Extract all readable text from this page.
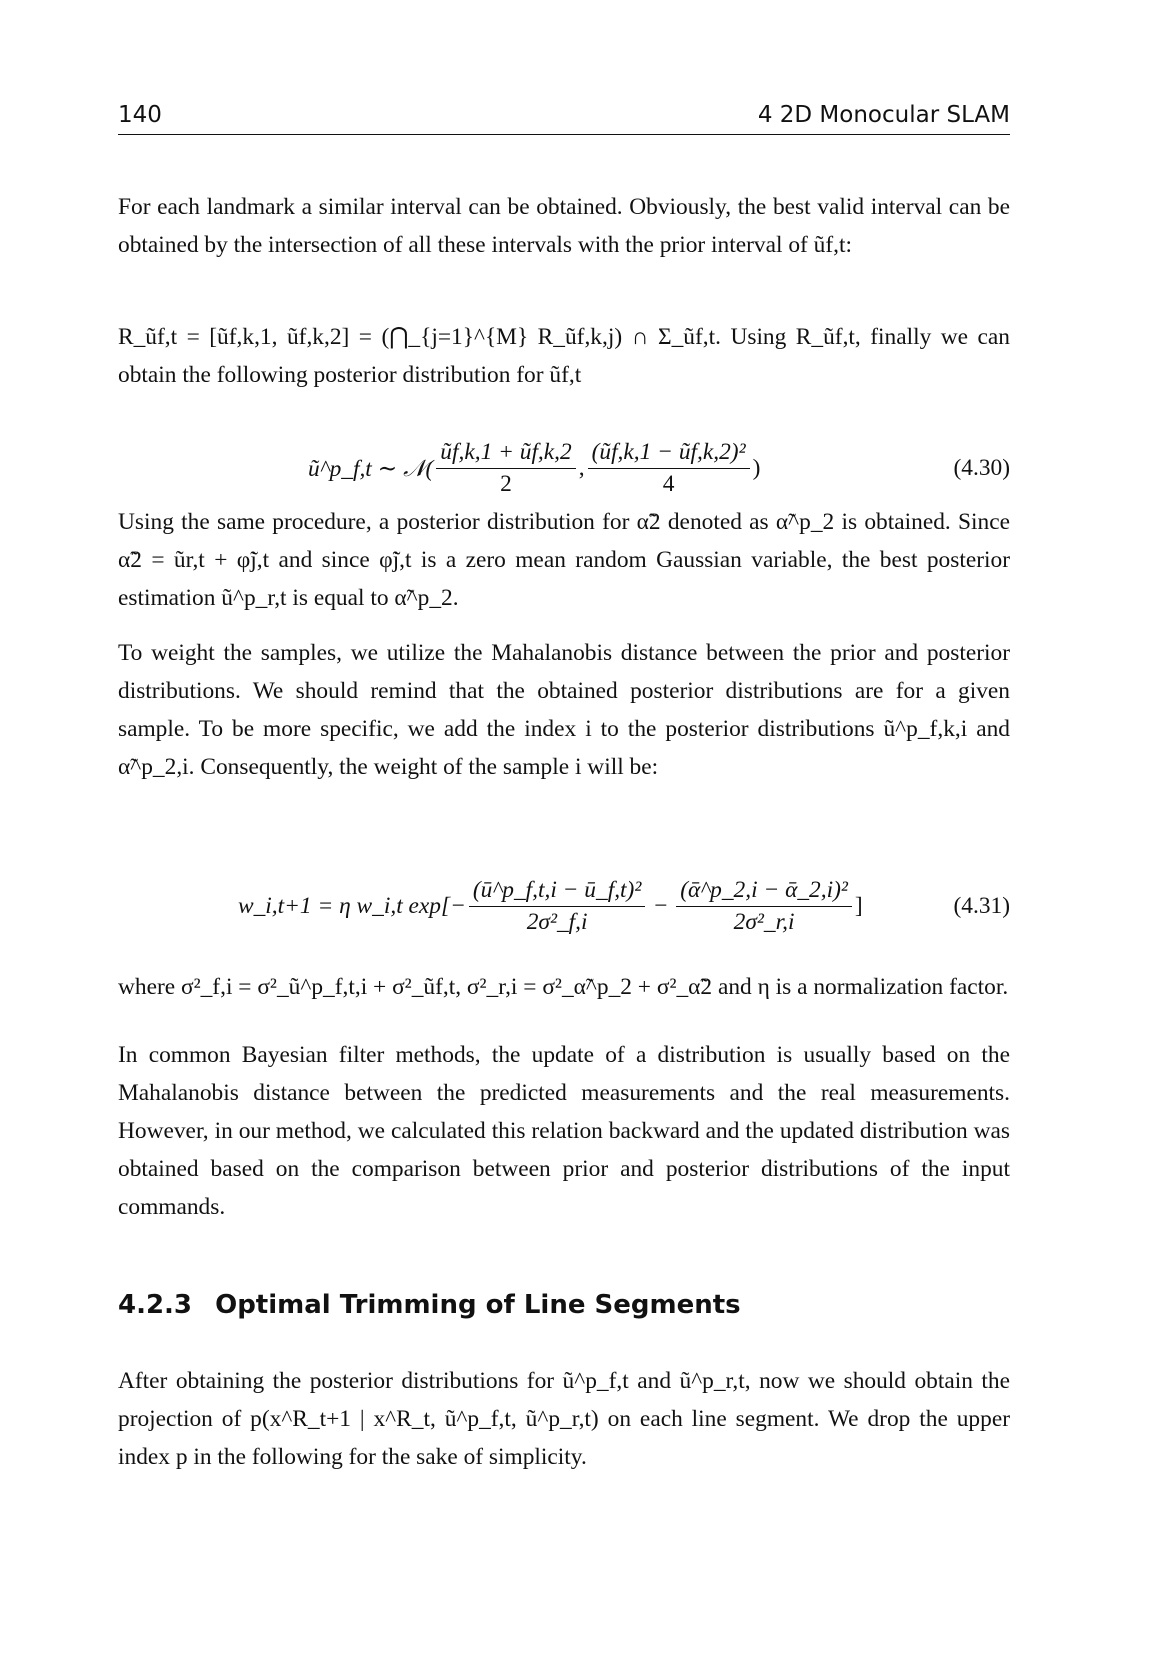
140	4 2D Monocular SLAM

For each landmark a similar interval can be obtained. Obviously, the best valid interval can be obtained by the intersection of all these intervals with the prior interval of ũf,t:

R_ũf,t = [ũf,k,1, ũf,k,2] = (⋂_{j=1}^{M} R_ũf,k,j) ∩ Σ_ũf,t. Using R_ũf,t, finally we can obtain the following posterior distribution for ũf,t

ũ^p_f,t ∼ 𝒩( $\frac{ũf,k,1 + ũf,k,2}{2}$ , $\frac{\text{(ũf,k,1 − ũf,k,2)²}}{4}$ )	(4.30)

Using the same procedure, a posterior distribution for α̃2 denoted as α̃^p_2 is obtained. Since α̃2 = ũr,t + φ̃j,t and since φ̃j,t is a zero mean random Gaussian variable, the best posterior estimation ũ^p_r,t is equal to α̃^p_2.

To weight the samples, we utilize the Mahalanobis distance between the prior and posterior distributions. We should remind that the obtained posterior distributions are for a given sample. To be more specific, we add the index i to the posterior distributions ũ^p_f,k,i and α̃^p_2,i. Consequently, the weight of the sample i will be:

w_i,t+1 = η w_i,t $\exp[- \frac{\text{(ū\textasciicircum{}p\_f,t,i − ū\_f,t)²}}{\text{2σ²\_f,i}} - \frac{\text{(ᾱ\textasciicircum{}p\_2,i − ᾱ\_2,i)²}}{\text{2σ²\_r,i}}$ ]	(4.31)

where σ²_f,i = σ²_ũ^p_f,t,i + σ²_ũf,t, σ²_r,i = σ²_α̃^p_2 + σ²_α̃2 and η is a normalization factor.

In common Bayesian filter methods, the update of a distribution is usually based on the Mahalanobis distance between the predicted measurements and the real measurements. However, in our method, we calculated this relation backward and the updated distribution was obtained based on the comparison between prior and posterior distributions of the input commands.

4.2.3 Optimal Trimming of Line Segments

After obtaining the posterior distributions for ũ^p_f,t and ũ^p_r,t, now we should obtain the projection of p(x^R_t+1 | x^R_t, ũ^p_f,t, ũ^p_r,t) on each line segment. We drop the upper index p in the following for the sake of simplicity.
